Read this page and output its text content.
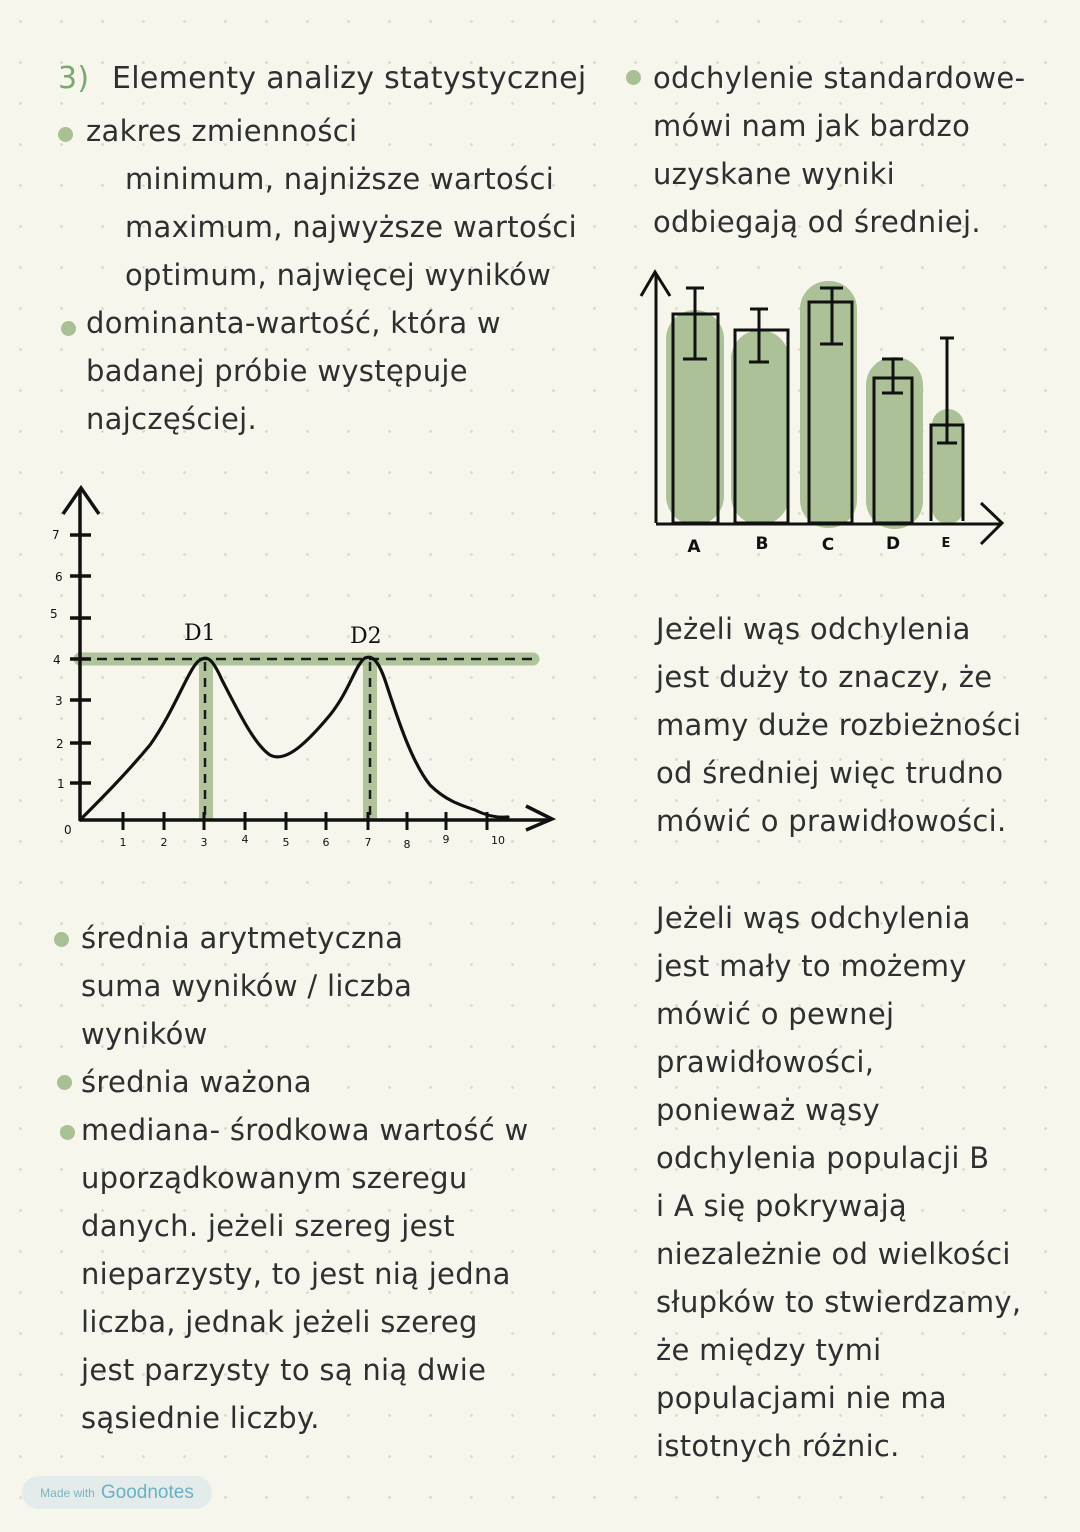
3) Elementy analizy statystycznej
zakres zmienności
minimum, najniższe wartości
maximum, najwyższe wartości
optimum, najwięcej wyników
dominanta-wartość, która w
badanej próbie występuje
najczęściej.
7
6
5
4
3
2
1
0
1	2	3	4	5	6	7	8	9	10
D1	D2
średnia arytmetyczna
suma wyników / liczba
wyników
średnia ważona
mediana- środkowa wartość w
uporządkowanym szeregu
danych. jeżeli szereg jest
nieparzysty, to jest nią jedna
liczba, jednak jeżeli szereg
jest parzysty to są nią dwie
sąsiednie liczby.
odchylenie standardowe-
mówi nam jak bardzo
uzyskane wyniki
odbiegają od średniej.
A	B	C	D	E
Jeżeli wąs odchylenia
jest duży to znaczy, że
mamy duże rozbieżności
od średniej więc trudno
mówić o prawidłowości.
Jeżeli wąs odchylenia
jest mały to możemy
mówić o pewnej
prawidłowości,
ponieważ wąsy
odchylenia populacji B
i A się pokrywają
niezależnie od wielkości
słupków to stwierdzamy,
że między tymi
populacjami nie ma
istotnych różnic.
Made with Goodnotes
